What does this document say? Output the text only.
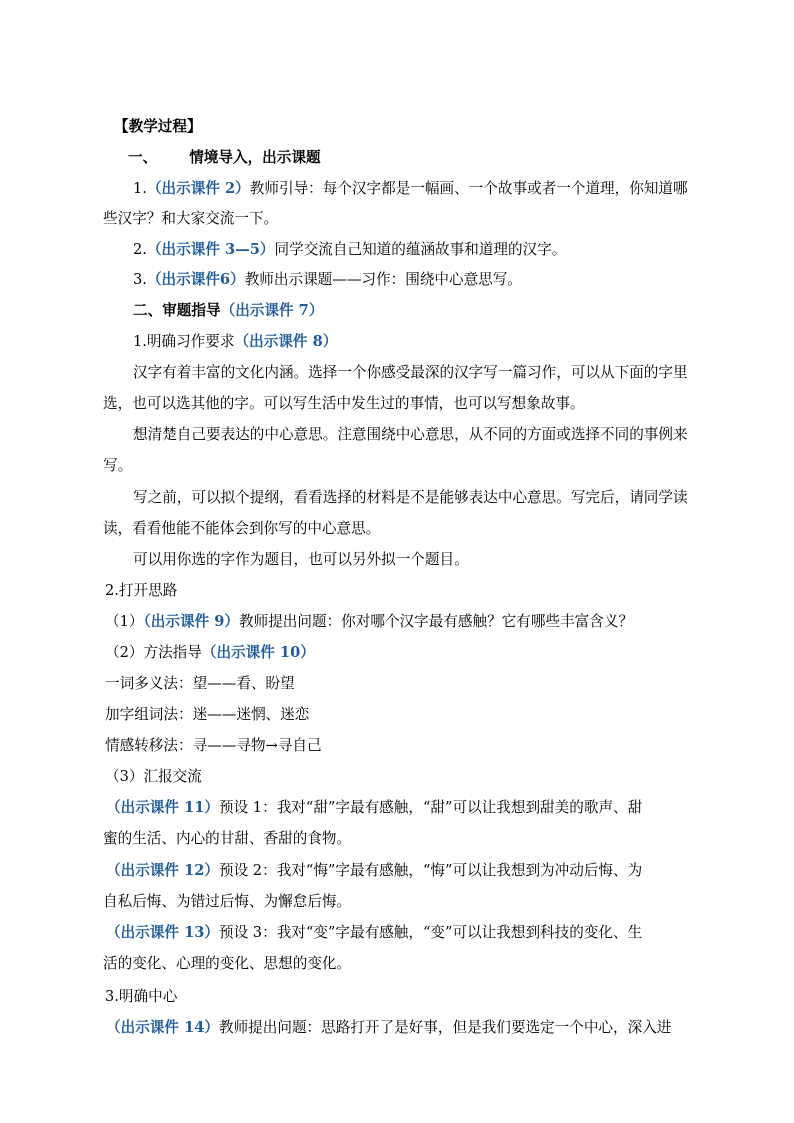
【教学过程】
一、 情境导入，出示课题
1.（出示课件 2）教师引导：每个汉字都是一幅画、一个故事或者一个道理，你知道哪
些汉字？和大家交流一下。
2.（出示课件 3—5）同学交流自己知道的蕴涵故事和道理的汉字。
3.（出示课件6）教师出示课题——习作：围绕中心意思写。
二、审题指导（出示课件 7）
1.明确习作要求（出示课件 8）
汉字有着丰富的文化内涵。选择一个你感受最深的汉字写一篇习作，可以从下面的字里
选，也可以选其他的字。可以写生活中发生过的事情，也可以写想象故事。
想清楚自己要表达的中心意思。注意围绕中心意思，从不同的方面或选择不同的事例来
写。
写之前，可以拟个提纲，看看选择的材料是不是能够表达中心意思。写完后，请同学读
读，看看他能不能体会到你写的中心意思。
可以用你选的字作为题目，也可以另外拟一个题目。
2.打开思路
（1）（出示课件 9）教师提出问题：你对哪个汉字最有感触？它有哪些丰富含义？
（2）方法指导（出示课件 10）
一词多义法：望——看、盼望
加字组词法：迷——迷惘、迷恋
情感转移法：寻——寻物→寻自己
（3）汇报交流
（出示课件 11）预设 1：我对“甜”字最有感触，“甜”可以让我想到甜美的歌声、甜
蜜的生活、内心的甘甜、香甜的食物。
（出示课件 12）预设 2：我对“悔”字最有感触，“悔”可以让我想到为冲动后悔、为
自私后悔、为错过后悔、为懈怠后悔。
（出示课件 13）预设 3：我对“变”字最有感触，“变”可以让我想到科技的变化、生
活的变化、心理的变化、思想的变化。
3.明确中心
（出示课件 14）教师提出问题：思路打开了是好事，但是我们要选定一个中心，深入进
